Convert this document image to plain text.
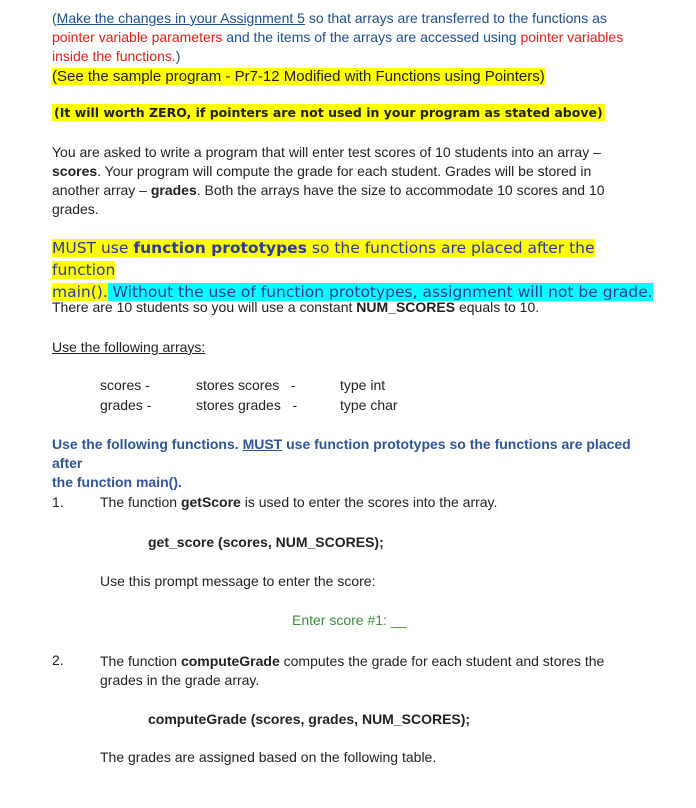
(Make the changes in your Assignment 5 so that arrays are transferred to the functions as

pointer variable parameters and the items of the arrays are accessed using pointer variables

inside the functions.)

(See the sample program - Pr7-12 Modified with Functions using Pointers)

(It will worth ZERO, if pointers are not used in your program as stated above)

You are asked to write a program that will enter test scores of 10 students into an array –

scores. Your program will compute the grade for each student. Grades will be stored in

another array – grades. Both the arrays have the size to accommodate 10 scores and 10

grades.

MUST use function prototypes so the functions are placed after the function

main(). Without the use of function prototypes, assignment will not be grade.

There are 10 students so you will use a constant NUM_SCORES equals to 10.

Use the following arrays:

scores -	stores scores   -	type int
grades -	stores grades   -	type char

Use the following functions. MUST use function prototypes so the functions are placed after

the function main().

1.	The function getScore is used to enter the scores into the array.
get_score (scores, NUM_SCORES);
Use this prompt message to enter the score:
Enter score #1: __
2.	The function computeGrade computes the grade for each student and stores the

grades in the grade array.

computeGrade (scores, grades, NUM_SCORES);
The grades are assigned based on the following table.
